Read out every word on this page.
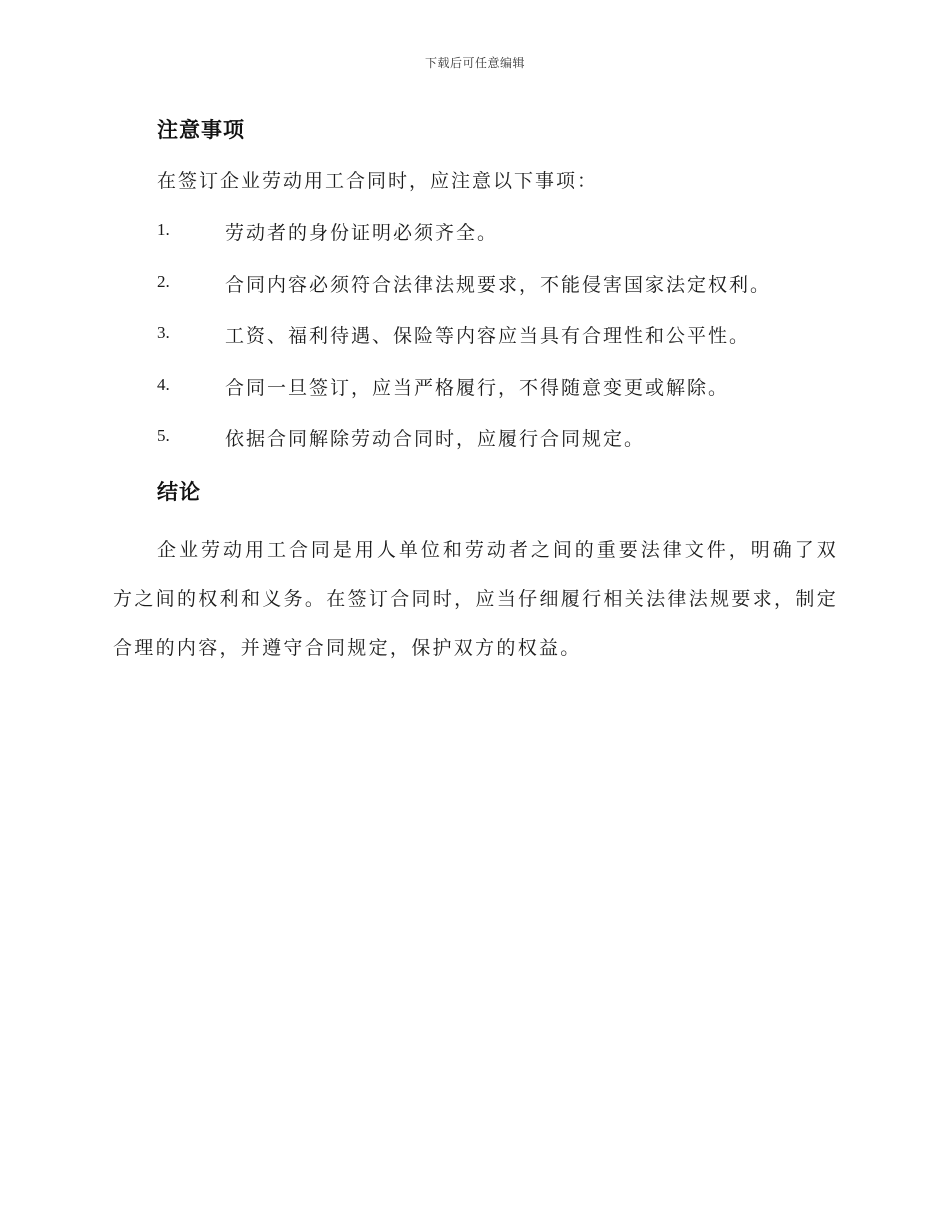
下载后可任意编辑
注意事项
在签订企业劳动用工合同时，应注意以下事项：
1.	劳动者的身份证明必须齐全。
2.	合同内容必须符合法律法规要求，不能侵害国家法定权利。
3.	工资、福利待遇、保险等内容应当具有合理性和公平性。
4.	合同一旦签订，应当严格履行，不得随意变更或解除。
5.	依据合同解除劳动合同时，应履行合同规定。
结论

企业劳动用工合同是用人单位和劳动者之间的重要法律文件，明确了双方之间的权利和义务。在签订合同时，应当仔细履行相关法律法规要求，制定合理的内容，并遵守合同规定，保护双方的权益。
